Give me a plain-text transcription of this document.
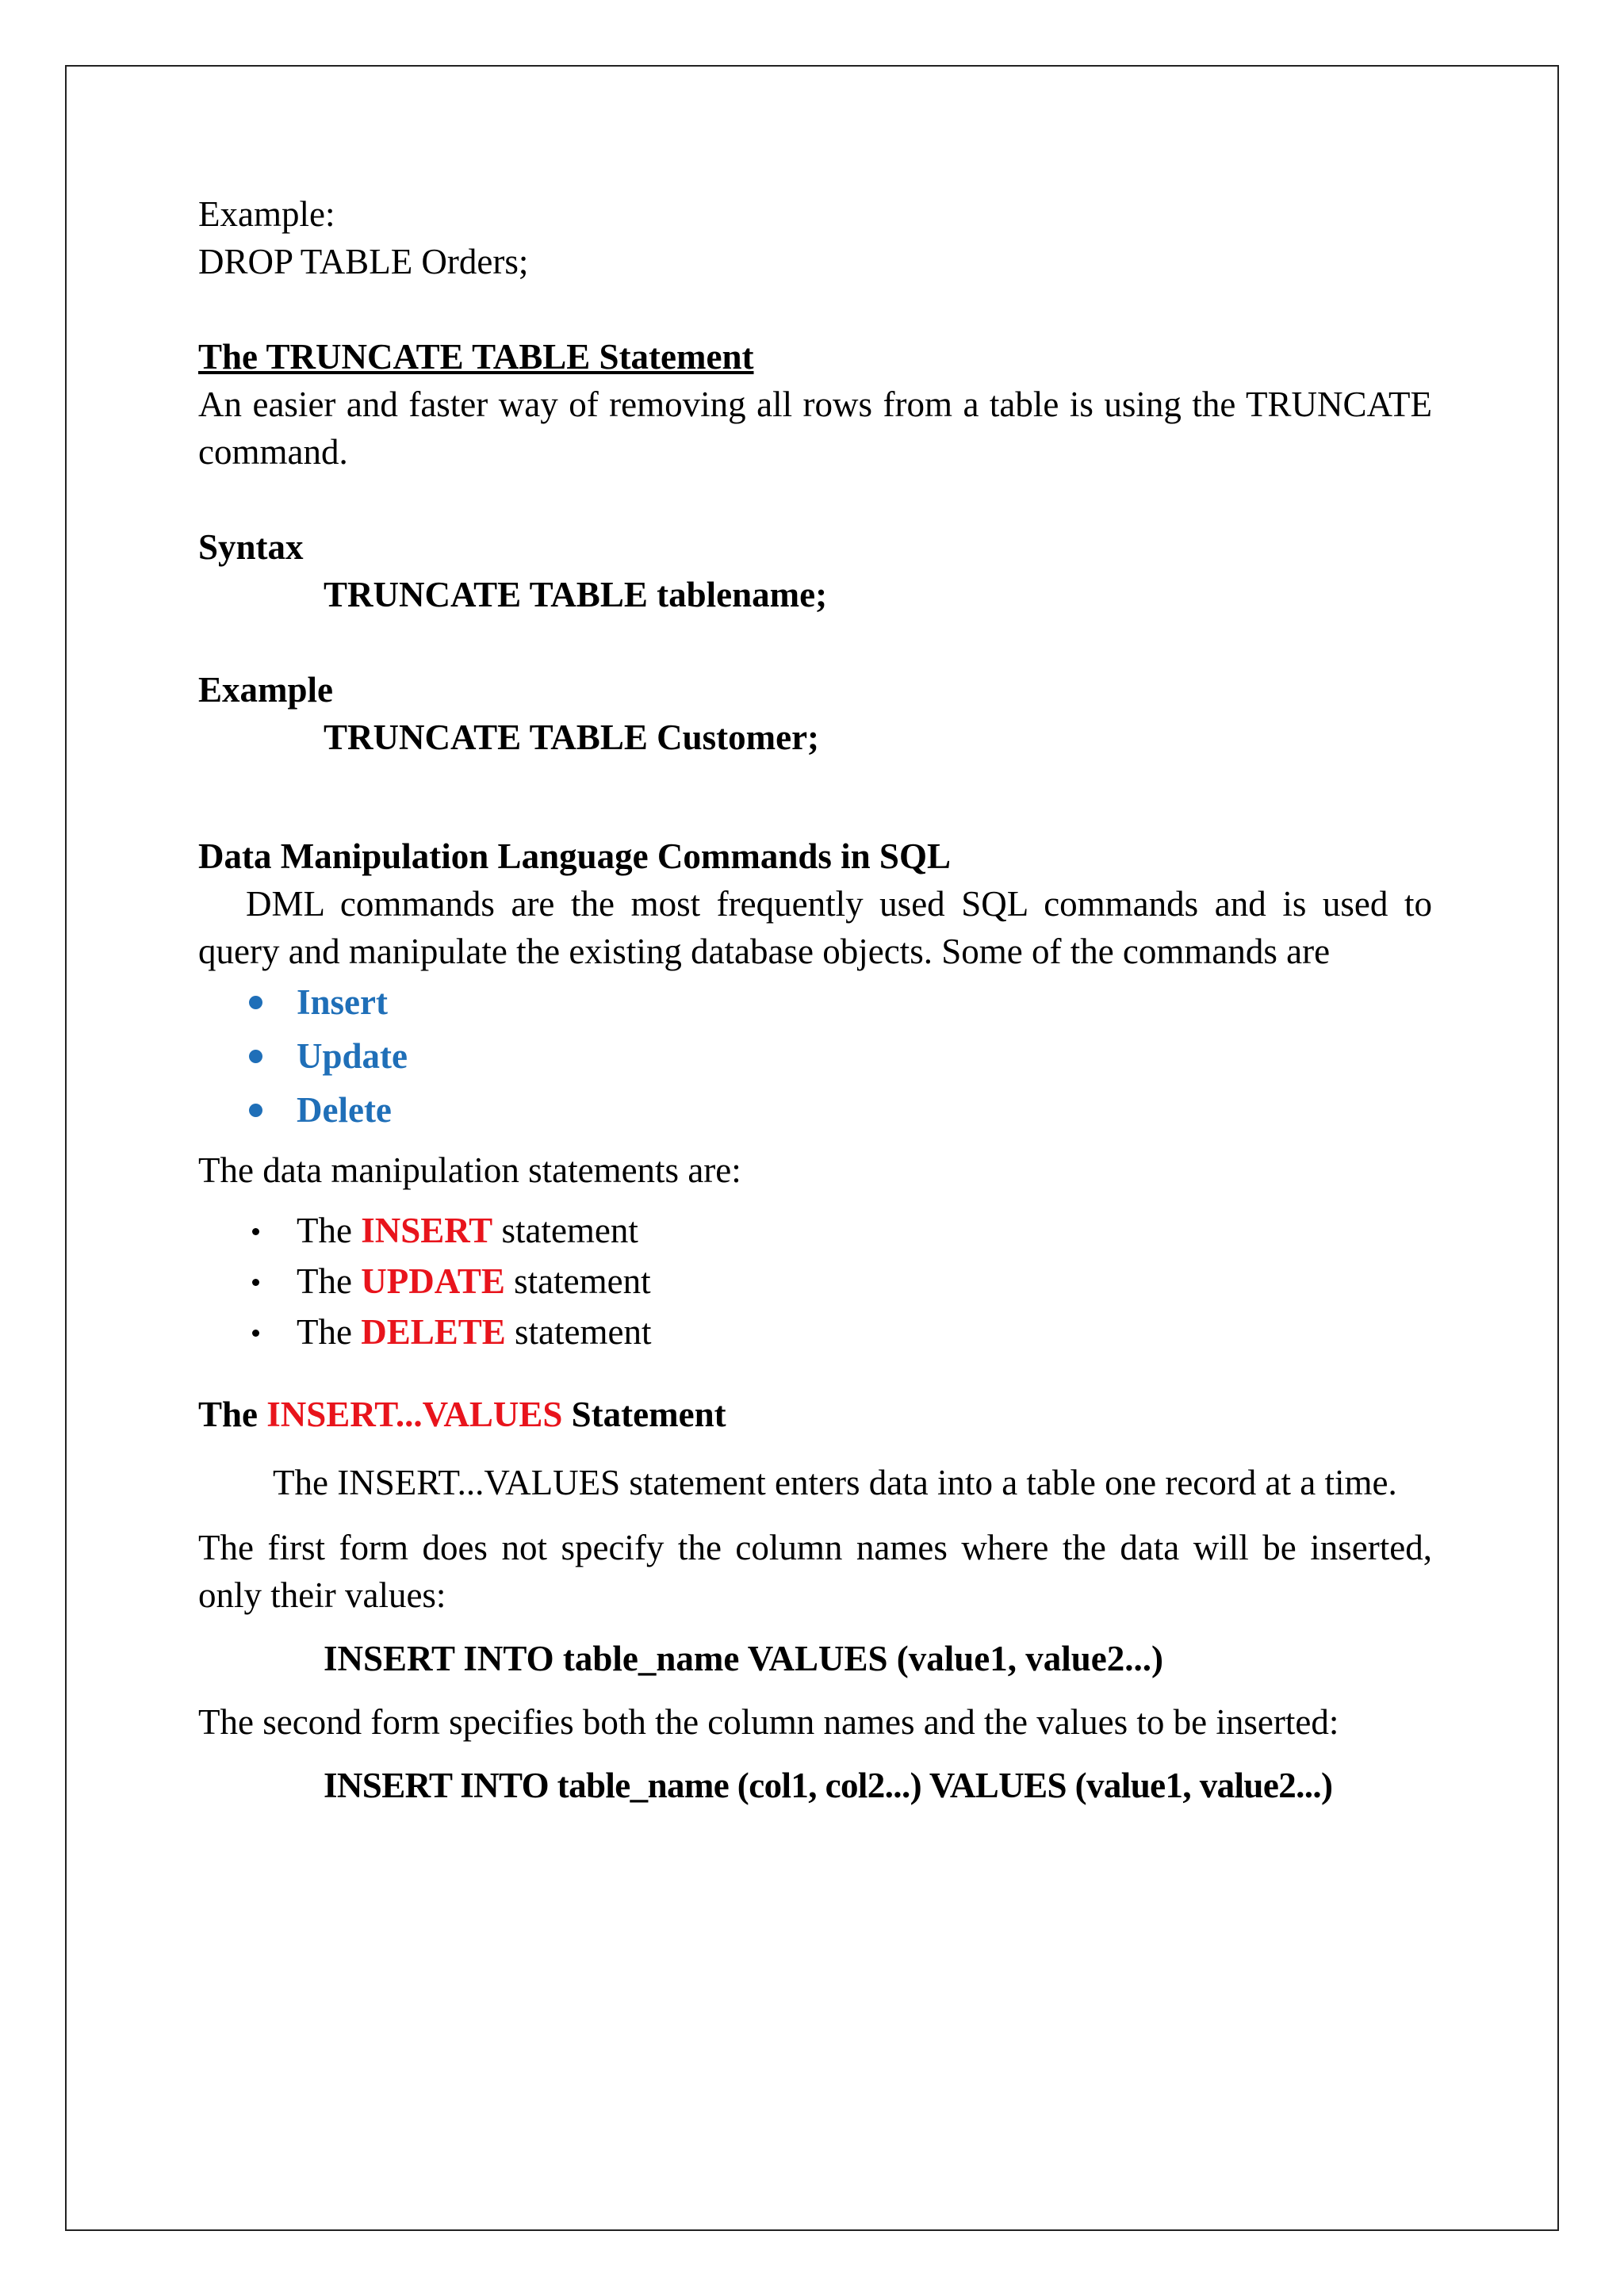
Example:

DROP TABLE Orders;

The TRUNCATE TABLE Statement

An easier and faster way of removing all rows from a table is using the TRUNCATE command.

Syntax

TRUNCATE TABLE tablename;

Example

TRUNCATE TABLE Customer;

Data Manipulation Language Commands in SQL

DML commands are the most frequently used SQL commands and is used to query and manipulate the existing database objects. Some of the commands are

Insert
Update
Delete

The data manipulation statements are:

The INSERT statement
The UPDATE statement
The DELETE statement

The INSERT...VALUES Statement

The INSERT...VALUES statement enters data into a table one record at a time.

The first form does not specify the column names where the data will be inserted, only their values:

INSERT INTO table_name VALUES (value1, value2...)

The second form specifies both the column names and the values to be inserted:

INSERT INTO table_name (col1, col2...) VALUES (value1, value2...)
